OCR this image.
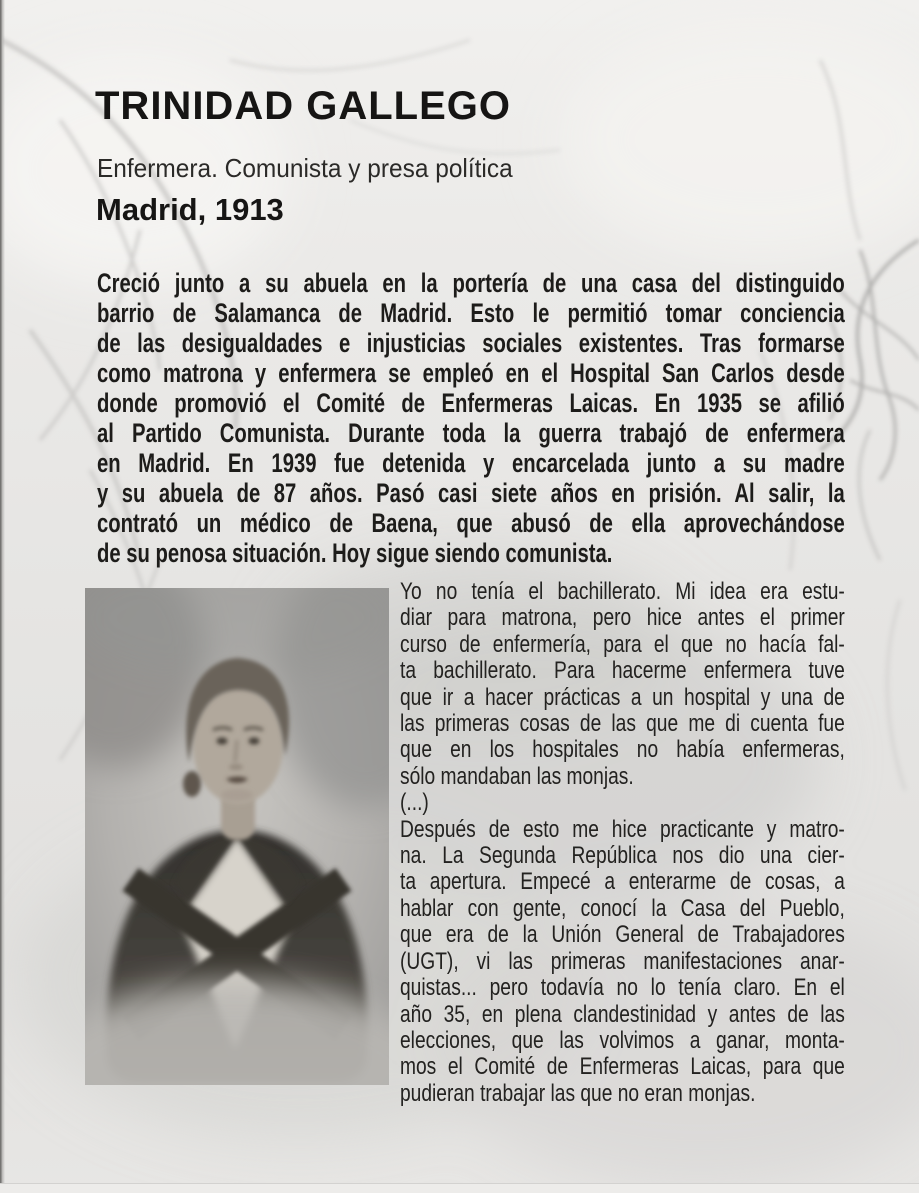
TRINIDAD GALLEGO
Enfermera. Comunista y presa política
Madrid, 1913
Creció junto a su abuela en la portería de una casa del distinguido
barrio de Salamanca de Madrid. Esto le permitió tomar conciencia
de las desigualdades e injusticias sociales existentes. Tras formarse
como matrona y enfermera se empleó en el Hospital San Carlos desde
donde promovió el Comité de Enfermeras Laicas. En 1935 se afilió
al Partido Comunista. Durante toda la guerra trabajó de enfermera
en Madrid. En 1939 fue detenida y encarcelada junto a su madre
y su abuela de 87 años. Pasó casi siete años en prisión. Al salir, la
contrató un médico de Baena, que abusó de ella aprovechándose
de su penosa situación. Hoy sigue siendo comunista.
Yo no tenía el bachillerato. Mi idea era estu-
diar para matrona, pero hice antes el primer
curso de enfermería, para el que no hacía fal-
ta bachillerato. Para hacerme enfermera tuve
que ir a hacer prácticas a un hospital y una de
las primeras cosas de las que me di cuenta fue
que en los hospitales no había enfermeras,
sólo mandaban las monjas.
(...)
Después de esto me hice practicante y matro-
na. La Segunda República nos dio una cier-
ta apertura. Empecé a enterarme de cosas, a
hablar con gente, conocí la Casa del Pueblo,
que era de la Unión General de Trabajadores
(UGT), vi las primeras manifestaciones anar-
quistas... pero todavía no lo tenía claro. En el
año 35, en plena clandestinidad y antes de las
elecciones, que las volvimos a ganar, monta-
mos el Comité de Enfermeras Laicas, para que
pudieran trabajar las que no eran monjas.
